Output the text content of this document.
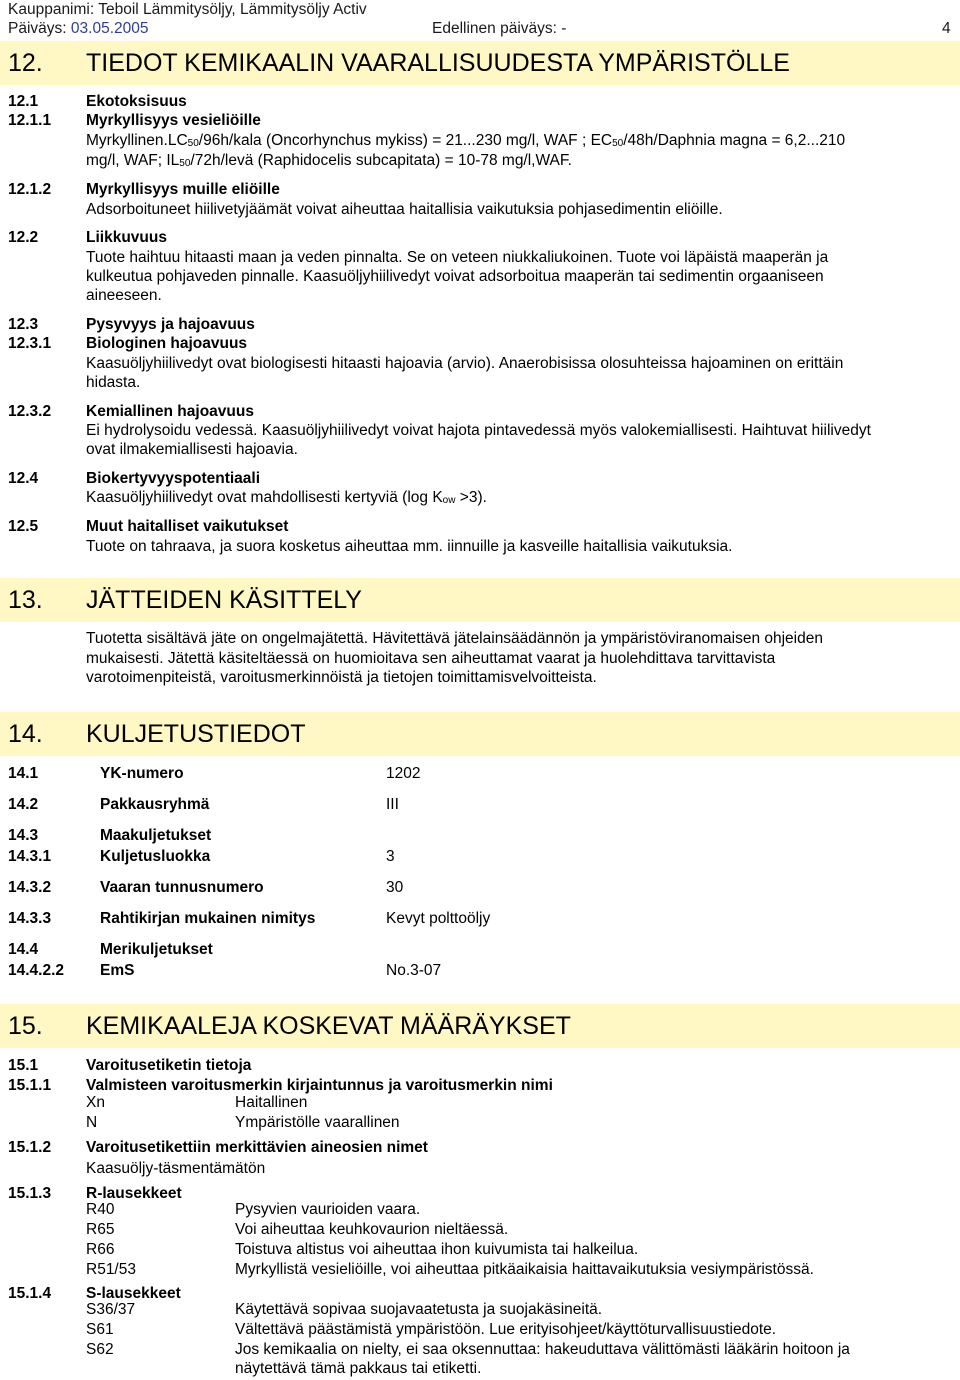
Kauppanimi: Teboil Lämmitysöljy, Lämmitysöljy Activ
Päiväys: 03.05.2005	Edellinen päiväys: -	4
12. TIEDOT KEMIKAALIN VAARALLISUUDESTA YMPÄRISTÖLLE
12.1	Ekotoksisuus
12.1.1 Myrkyllisyys vesieliöille
$Myrkyllinen.LC_{50}/96h$/kala (Oncorhynchus mykiss) = 21...230 mg/l, WAF ; $EC_{50}/48h$/Daphnia magna = 6,2...210
mg/l, WAF; $IL_{50}/72h$/levä (Raphidocelis subcapitata) = 10-78 mg/l,WAF.
12.1.2 Myrkyllisyys muille eliöille
Adsorboituneet hiilivetyjäämät voivat aiheuttaa haitallisia vaikutuksia pohjasedimentin eliöille.
12.2	Liikkuvuus
Tuote haihtuu hitaasti maan ja veden pinnalta. Se on veteen niukkaliukoinen. Tuote voi läpäistä maaperän ja
kulkeutua pohjaveden pinnalle. Kaasuöljyhiilivedyt voivat adsorboitua maaperän tai sedimentin orgaaniseen
aineeseen.
12.3	Pysyvyys ja hajoavuus
12.3.1 Biologinen hajoavuus
Kaasuöljyhiilivedyt ovat biologisesti hitaasti hajoavia (arvio). Anaerobisissa olosuhteissa hajoaminen on erittäin
hidasta.
12.3.2 Kemiallinen hajoavuus
Ei hydrolysoidu vedessä. Kaasuöljyhiilivedyt voivat hajota pintavedessä myös valokemiallisesti. Haihtuvat hiilivedyt
ovat ilmakemiallisesti hajoavia.
12.4	Biokertyvyyspotentiaali
Kaasuöljyhiilivedyt ovat mahdollisesti kertyviä (log $K_{ow} >3$).
12.5	Muut haitalliset vaikutukset
Tuote on tahraava, ja suora kosketus aiheuttaa mm. iinnuille ja kasveille haitallisia vaikutuksia.
13. JÄTTEIDEN KÄSITTELY
Tuotetta sisältävä jäte on ongelmajätettä. Hävitettävä jätelainsäädännön ja ympäristöviranomaisen ohjeiden
mukaisesti. Jätettä käsiteltäessä on huomioitava sen aiheuttamat vaarat ja huolehdittava tarvittavista
varotoimenpiteistä, varoitusmerkinnöistä ja tietojen toimittamisvelvoitteista.
14. KULJETUSTIEDOT
14.1	YK-numero	1202
14.2	Pakkausryhmä	III
14.3	Maakuljetukset
14.3.1	Kuljetusluokka	3
14.3.2	Vaaran tunnusnumero	30
14.3.3	Rahtikirjan mukainen nimitys	Kevyt polttoöljy
14.4	Merikuljetukset
14.4.2.2 EmS	No.3-07
15. KEMIKAALEJA KOSKEVAT MÄÄRÄYKSET
15.1	Varoitusetiketin tietoja
15.1.1 Valmisteen varoitusmerkin kirjaintunnus ja varoitusmerkin nimi
Xn	Haitallinen
N	Ympäristölle vaarallinen
15.1.2 Varoitusetikettiin merkittävien aineosien nimet
Kaasuöljy-täsmentämätön
15.1.3 R-lausekkeet
R40	Pysyvien vaurioiden vaara.
R65	Voi aiheuttaa keuhkovaurion nieltäessä.
R66	Toistuva altistus voi aiheuttaa ihon kuivumista tai halkeilua.
R51/53	Myrkyllistä vesieliöille, voi aiheuttaa pitkäaikaisia haittavaikutuksia vesiympäristössä.
15.1.4 S-lausekkeet
S36/37	Käytettävä sopivaa suojavaatetusta ja suojakäsineitä.
S61	Vältettävä päästämistä ympäristöön. Lue erityisohjeet/käyttöturvallisuustiedote.
S62	Jos kemikaalia on nielty, ei saa oksennuttaa: hakeuduttava välittömästi lääkärin hoitoon ja
näytettävä tämä pakkaus tai etiketti.
